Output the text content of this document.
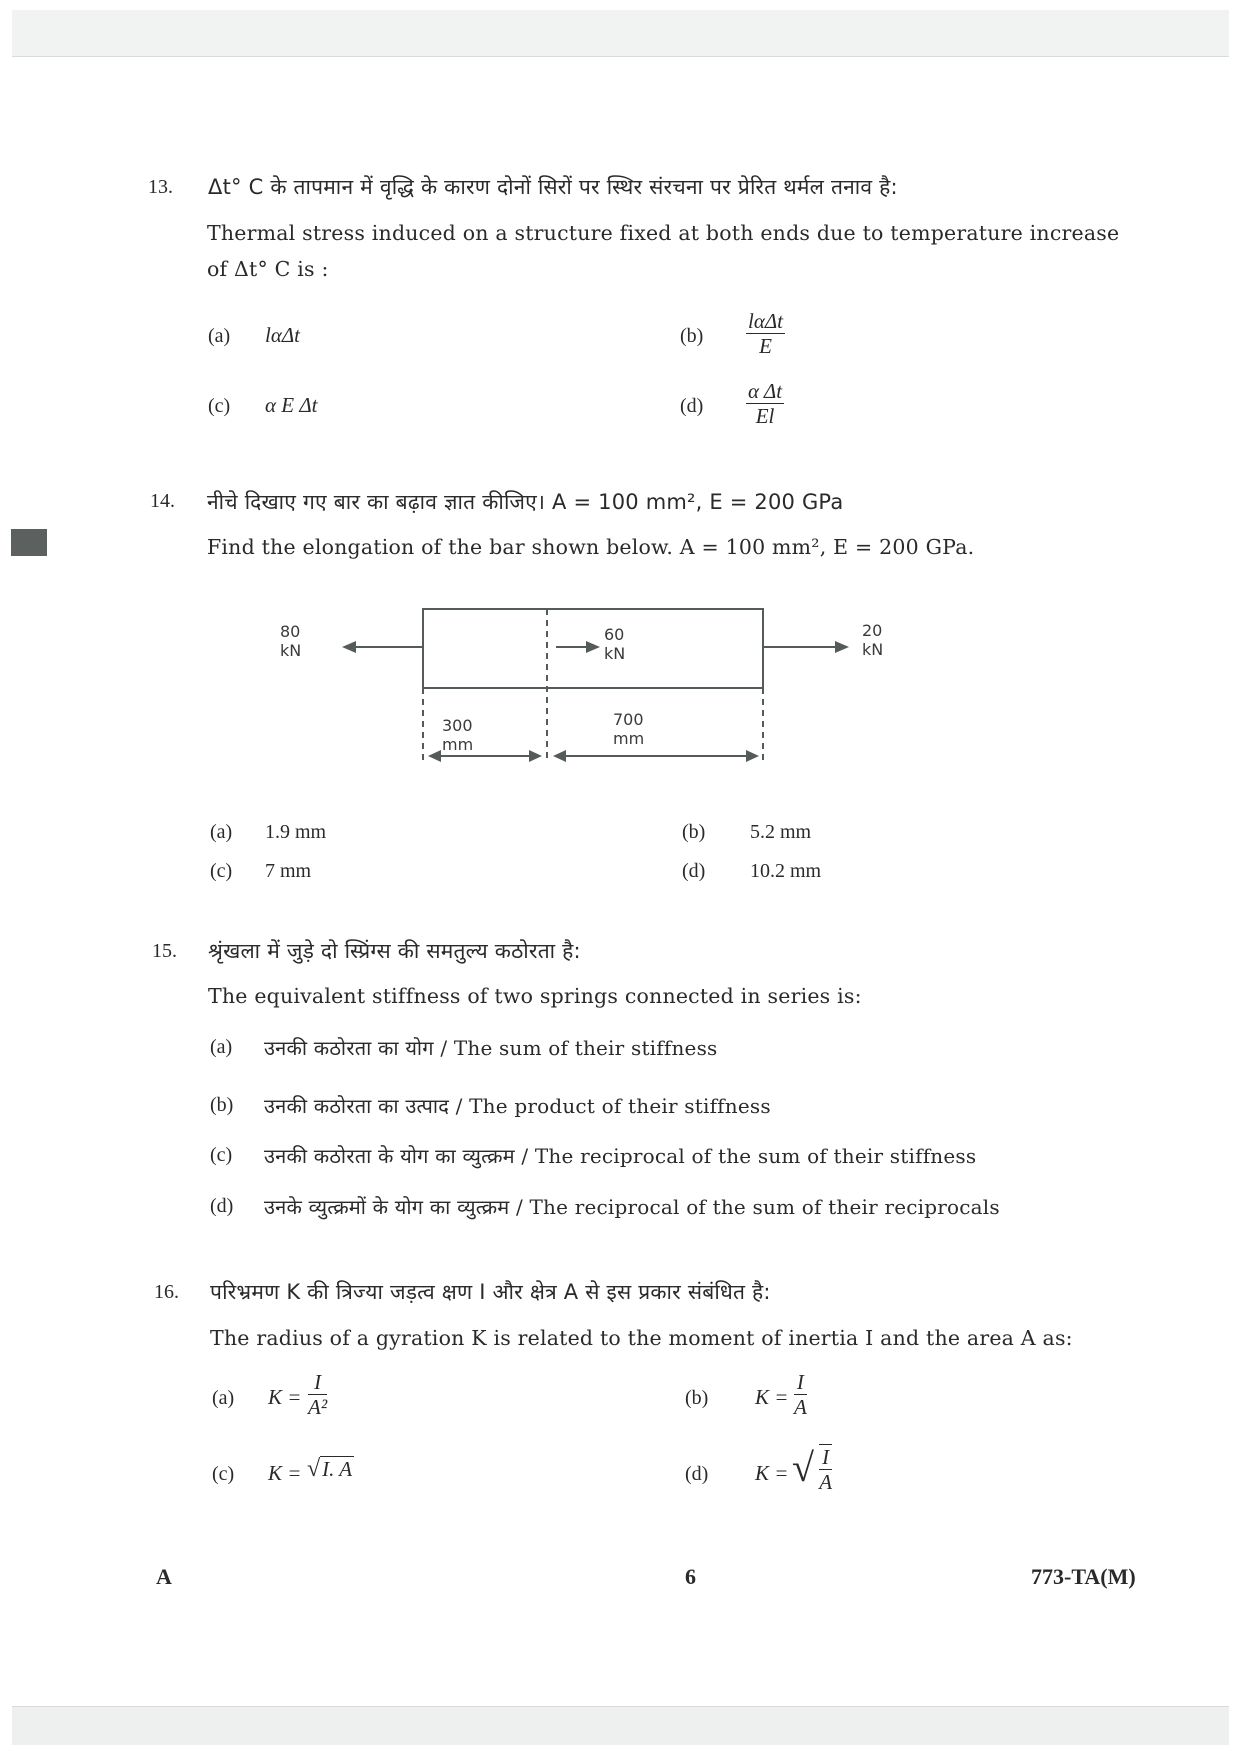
13. Δt° C के तापमान में वृद्धि के कारण दोनों सिरों पर स्थिर संरचना पर प्रेरित थर्मल तनाव है:
Thermal stress induced on a structure fixed at both ends due to temperature increase
of Δt° C is :
(a) lαΔt	(b)
lαΔt
E
(c) α E Δt	(d)
α Δt
El
14. नीचे दिखाए गए बार का बढ़ाव ज्ञात कीजिए। A = 100 mm², E = 200 GPa
Find the elongation of the bar shown below. A = 100 mm², E = 200 GPa.
80 kN
60 kN
20 kN
300 mm
700 mm
(a) 1.9 mm	(b) 5.2 mm
(c) 7 mm	(d) 10.2 mm
15. श्रृंखला में जुड़े दो स्प्रिंग्स की समतुल्य कठोरता है:
The equivalent stiffness of two springs connected in series is:
(a) उनकी कठोरता का योग / The sum of their stiffness
(b) उनकी कठोरता का उत्पाद / The product of their stiffness
(c) उनकी कठोरता के योग का व्युत्क्रम / The reciprocal of the sum of their stiffness
(d) उनके व्युत्क्रमों के योग का व्युत्क्रम / The reciprocal of the sum of their reciprocals
16. परिभ्रमण K की त्रिज्या जड़त्व क्षण I और क्षेत्र A से इस प्रकार संबंधित है:
The radius of a gyration K is related to the moment of inertia I and the area A as:
(a) K =
I
A²	(b) K =
I
A
(c) K = √I. A	(d) K = √ $\frac{I}{A}$
A	6	773-TA(M)
